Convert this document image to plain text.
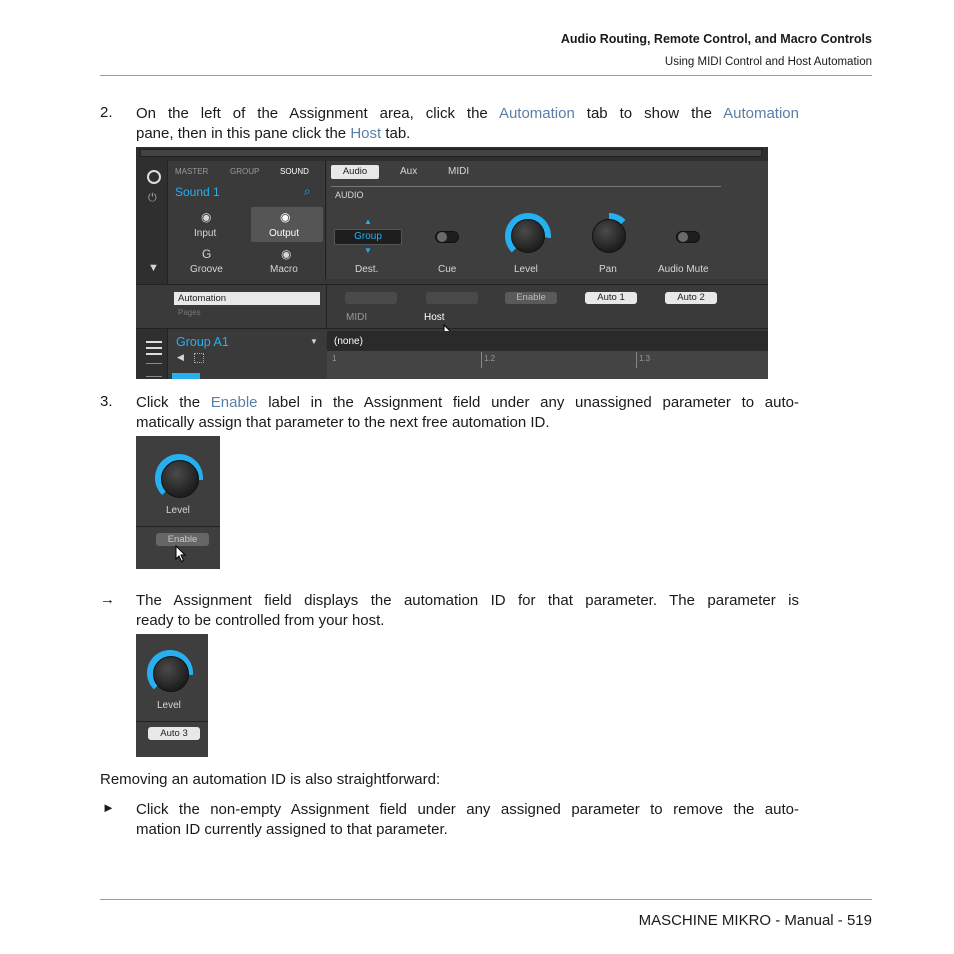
Audio Routing, Remote Control, and Macro Controls
Using MIDI Control and Host Automation
2. On the left of the Assignment area, click the Automation tab to show the Automation
pane, then in this pane click the Host tab.
⏻
▼
MASTER	GROUP	SOUND
Sound 1	⌕
◉
Input
◉
Output
G
Groove
◉
Macro
Audio	Aux	MIDI
AUDIO
▲
Group
▼
Dest.	Cue	Level	Pan	Audio Mute
Automation
Pages
Enable	Auto 1	Auto 2
MIDI	Host
Group A1	▼
◀
(none)
1	1.2	1.3
3. Click the Enable label in the Assignment field under any unassigned parameter to auto-
matically assign that parameter to the next free automation ID.
Level
Enable
→ The Assignment field displays the automation ID for that parameter. The parameter is
ready to be controlled from your host.
Level
Auto 3
Removing an automation ID is also straightforward:
► Click the non-empty Assignment field under any assigned parameter to remove the auto-
mation ID currently assigned to that parameter.
MASCHINE MIKRO - Manual - 519
